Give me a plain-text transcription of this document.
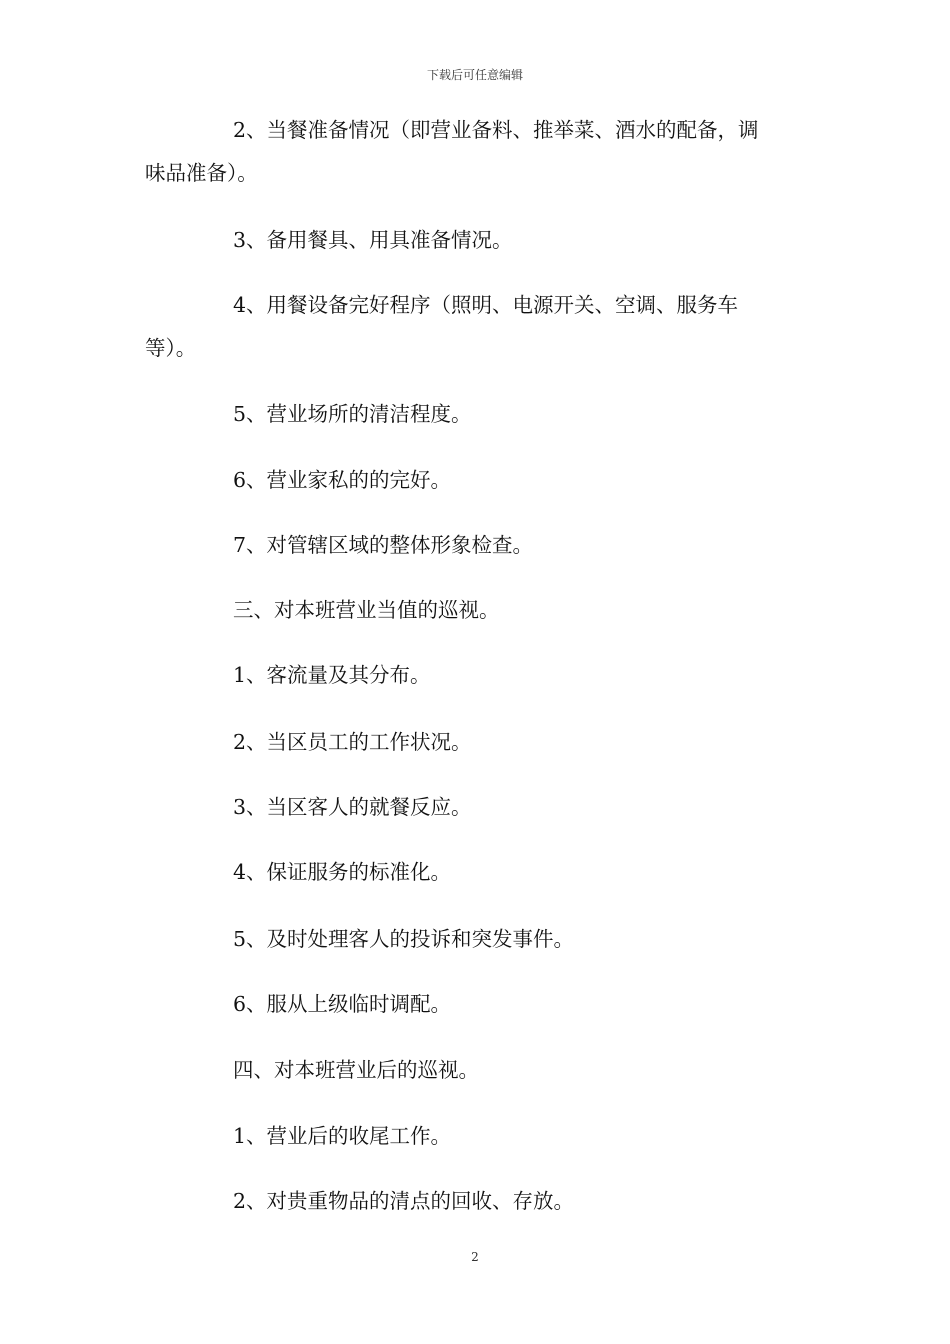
下载后可任意编辑
2、当餐准备情况（即营业备料、推举菜、酒水的配备，调
味品准备）。
3、备用餐具、用具准备情况。
4、用餐设备完好程序（照明、电源开关、空调、服务车
等）。
5、营业场所的清洁程度。
6、营业家私的的完好。
7、对管辖区域的整体形象检查。
三、对本班营业当值的巡视。
1、客流量及其分布。
2、当区员工的工作状况。
3、当区客人的就餐反应。
4、保证服务的标准化。
5、及时处理客人的投诉和突发事件。
6、服从上级临时调配。
四、对本班营业后的巡视。
1、营业后的收尾工作。
2、对贵重物品的清点的回收、存放。
2
